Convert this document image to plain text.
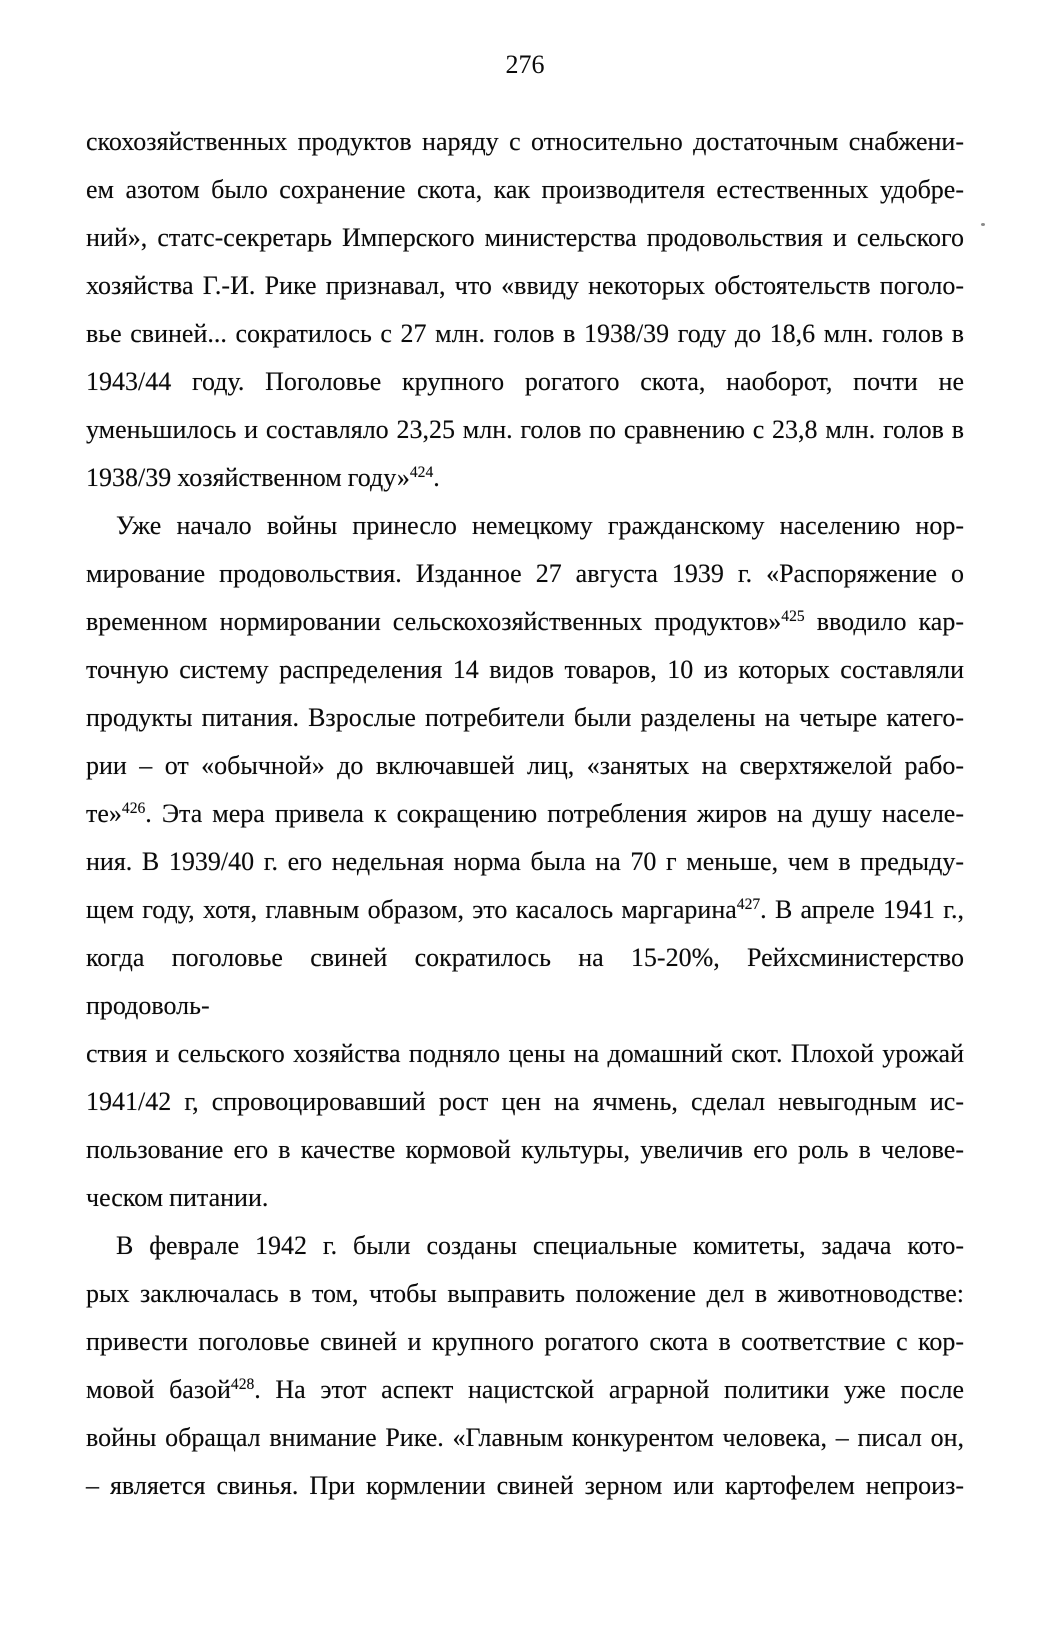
276
скохозяйственных продуктов наряду с относительно достаточным снабжени-
ем азотом было сохранение скота, как производителя естественных удобре-
ний», статс-секретарь Имперского министерства продовольствия и сельского
хозяйства Г.-И. Рике признавал, что «ввиду некоторых обстоятельств поголо-
вье свиней... сократилось с 27 млн. голов в 1938/39 году до 18,6 млн. голов в
1943/44 году. Поголовье крупного рогатого скота, наоборот, почти не
уменьшилось и составляло 23,25 млн. голов по сравнению с 23,8 млн. голов в
1938/39 хозяйственном году»$^{424}$.
Уже начало войны принесло немецкому гражданскому населению нор-
мирование продовольствия. Изданное 27 августа 1939 г. «Распоряжение о
временном нормировании сельскохозяйственных продуктов»$^{425}$ вводило кар-
точную систему распределения 14 видов товаров, 10 из которых составляли
продукты питания. Взрослые потребители были разделены на четыре катего-
рии – от «обычной» до включавшей лиц, «занятых на сверхтяжелой рабо-
те»$^{426}$. Эта мера привела к сокращению потребления жиров на душу населе-
ния. В 1939/40 г. его недельная норма была на 70 г меньше, чем в предыду-
щем году, хотя, главным образом, это касалось маргарина$^{427}$. В апреле 1941 г.,
когда поголовье свиней сократилось на 15-20%, Рейхсминистерство продоволь-
ствия и сельского хозяйства подняло цены на домашний скот. Плохой урожай
1941/42 г, спровоцировавший рост цен на ячмень, сделал невыгодным ис-
пользование его в качестве кормовой культуры, увеличив его роль в челове-
ческом питании.
В феврале 1942 г. были созданы специальные комитеты, задача кото-
рых заключалась в том, чтобы выправить положение дел в животноводстве:
привести поголовье свиней и крупного рогатого скота в соответствие с кор-
мовой базой$^{428}$. На этот аспект нацистской аграрной политики уже после
войны обращал внимание Рике. «Главным конкурентом человека, – писал он,
– является свинья. При кормлении свиней зерном или картофелем непроиз-
